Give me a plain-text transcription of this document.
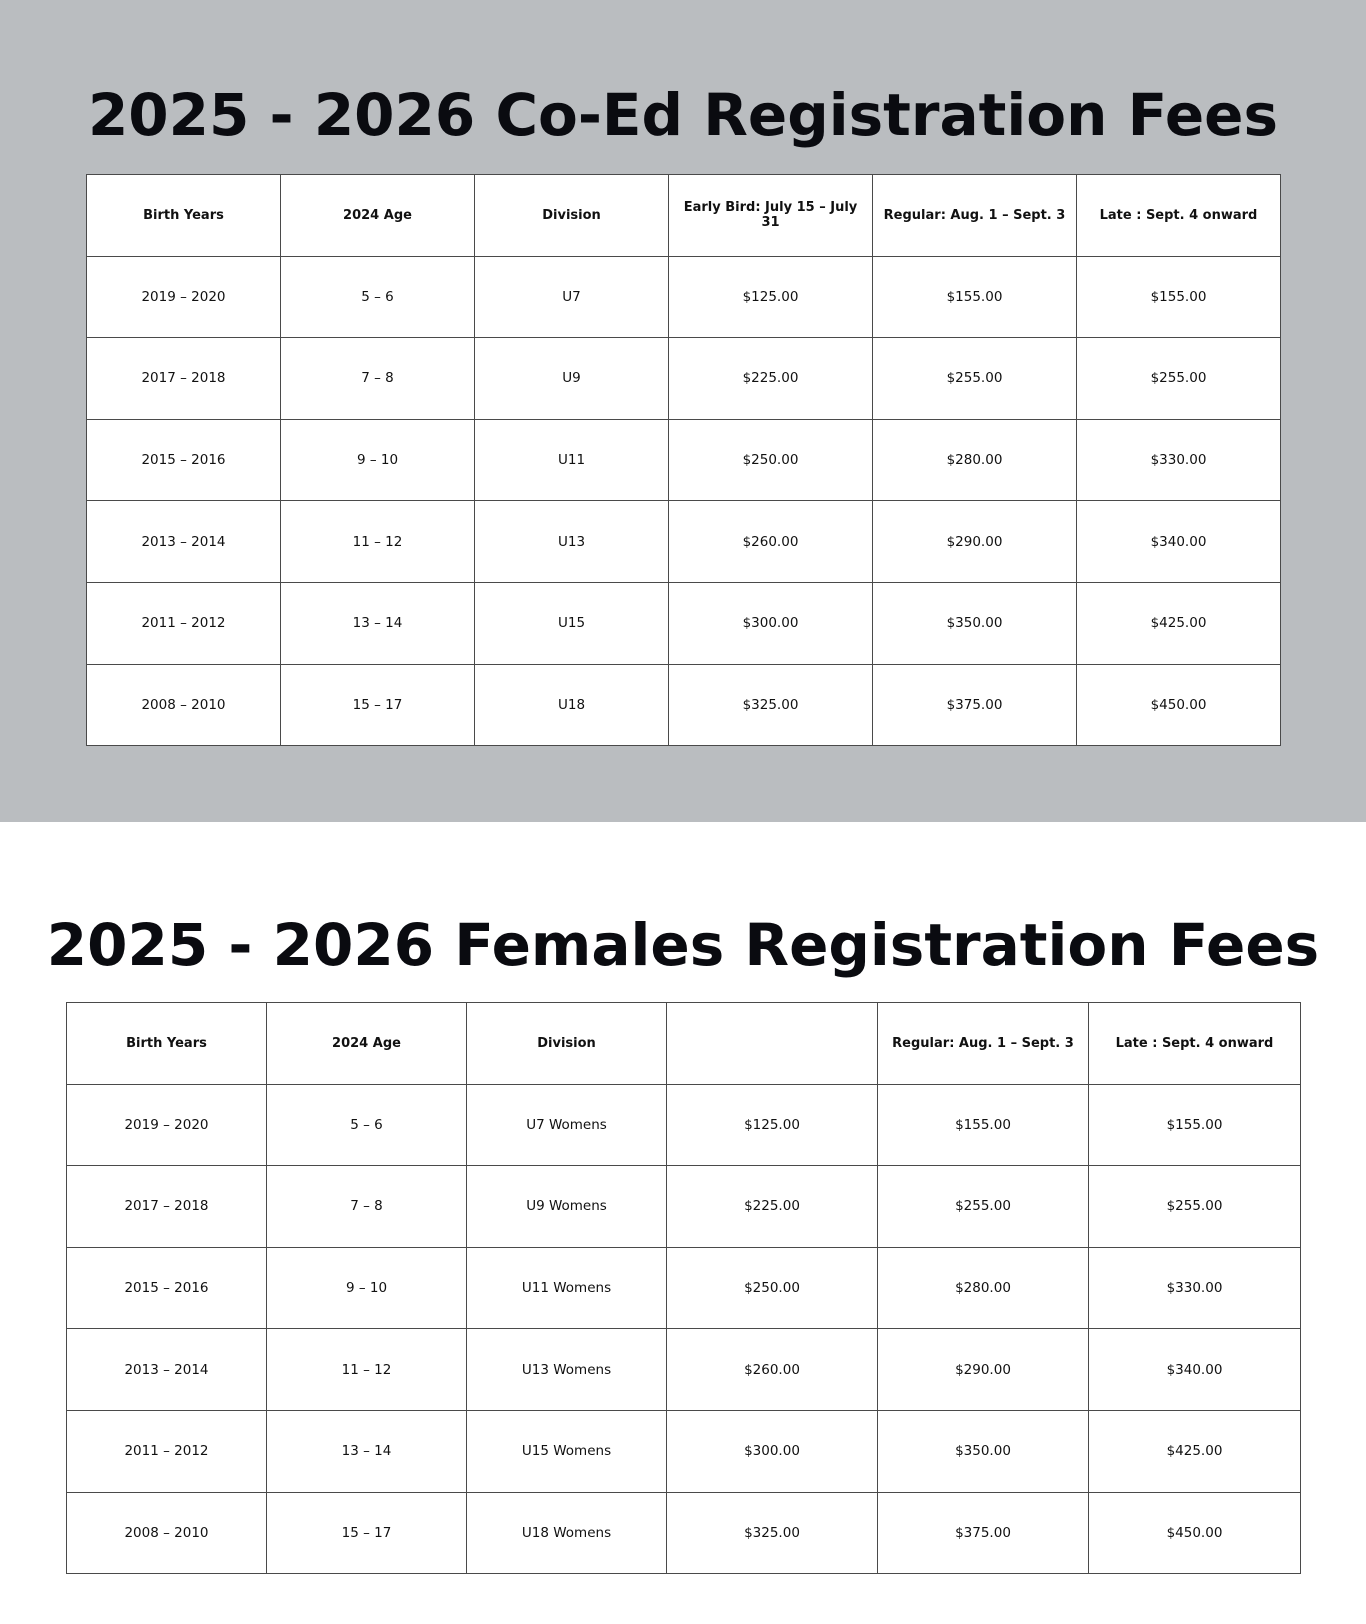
2025 - 2026 Co-Ed Registration Fees
Birth Years	2024 Age	Division	Early Bird: July 15 – July 31	Regular: Aug. 1 – Sept. 3	Late : Sept. 4 onward
2019 – 2020	5 – 6	U7	$125.00	$155.00	$155.00
2017 – 2018	7 – 8	U9	$225.00	$255.00	$255.00
2015 – 2016	9 – 10	U11	$250.00	$280.00	$330.00
2013 – 2014	11 – 12	U13	$260.00	$290.00	$340.00
2011 – 2012	13 – 14	U15	$300.00	$350.00	$425.00
2008 – 2010	15 – 17	U18	$325.00	$375.00	$450.00
2025 - 2026 Females Registration Fees
Birth Years	2024 Age	Division		Regular: Aug. 1 – Sept. 3	Late : Sept. 4 onward
2019 – 2020	5 – 6	U7 Womens	$125.00	$155.00	$155.00
2017 – 2018	7 – 8	U9 Womens	$225.00	$255.00	$255.00
2015 – 2016	9 – 10	U11 Womens	$250.00	$280.00	$330.00
2013 – 2014	11 – 12	U13 Womens	$260.00	$290.00	$340.00
2011 – 2012	13 – 14	U15 Womens	$300.00	$350.00	$425.00
2008 – 2010	15 – 17	U18 Womens	$325.00	$375.00	$450.00
